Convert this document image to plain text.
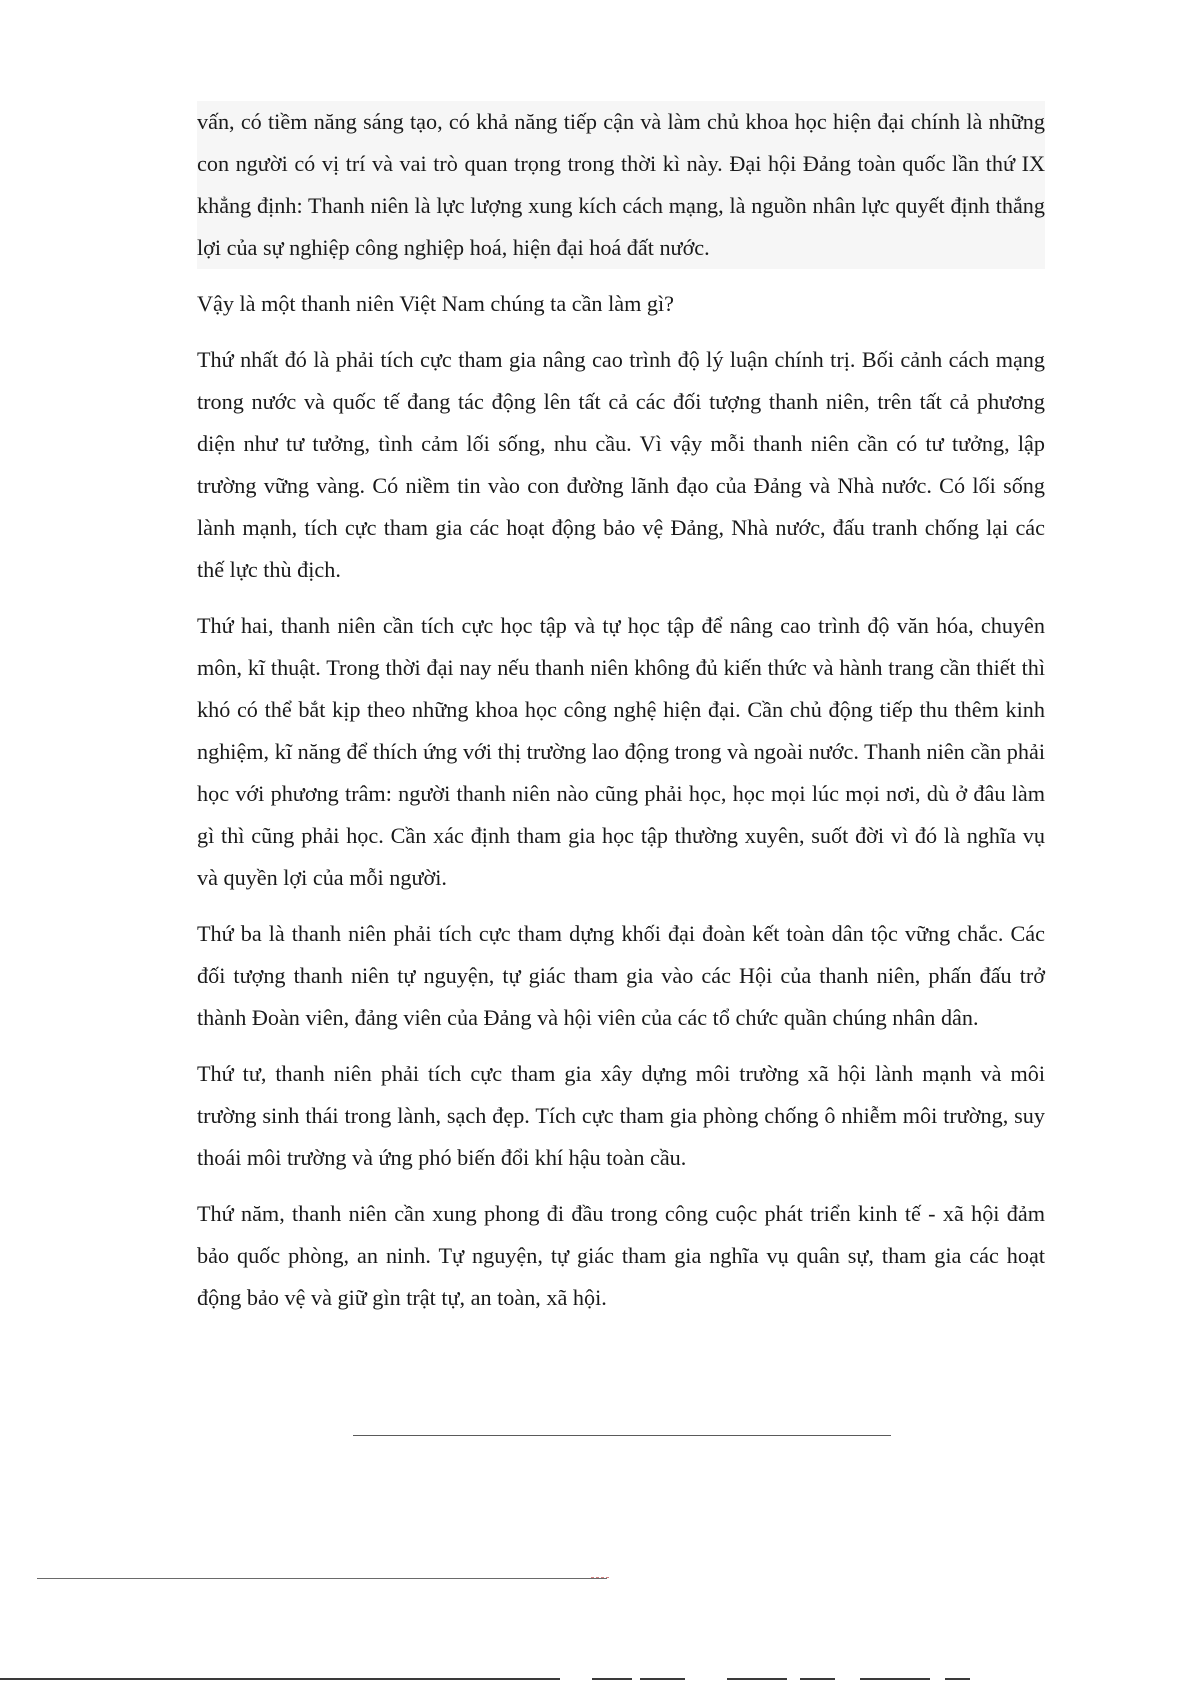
vấn, có tiềm năng sáng tạo, có khả năng tiếp cận và làm chủ khoa học hiện đại chính là những con người có vị trí và vai trò quan trọng trong thời kì này. Đại hội Đảng toàn quốc lần thứ IX khẳng định: Thanh niên là lực lượng xung kích cách mạng, là nguồn nhân lực quyết định thắng lợi của sự nghiệp công nghiệp hoá, hiện đại hoá đất nước.

Vậy là một thanh niên Việt Nam chúng ta cần làm gì?

Thứ nhất đó là phải tích cực tham gia nâng cao trình độ lý luận chính trị. Bối cảnh cách mạng trong nước và quốc tế đang tác động lên tất cả các đối tượng thanh niên, trên tất cả phương diện như tư tưởng, tình cảm lối sống, nhu cầu. Vì vậy mỗi thanh niên cần có tư tưởng, lập trường vững vàng. Có niềm tin vào con đường lãnh đạo của Đảng và Nhà nước. Có lối sống lành mạnh, tích cực tham gia các hoạt động bảo vệ Đảng, Nhà nước, đấu tranh chống lại các thế lực thù địch.

Thứ hai, thanh niên cần tích cực học tập và tự học tập để nâng cao trình độ văn hóa, chuyên môn, kĩ thuật. Trong thời đại nay nếu thanh niên không đủ kiến thức và hành trang cần thiết thì khó có thể bắt kịp theo những khoa học công nghệ hiện đại. Cần chủ động tiếp thu thêm kinh nghiệm, kĩ năng để thích ứng với thị trường lao động trong và ngoài nước. Thanh niên cần phải học với phương trâm: người thanh niên nào cũng phải học, học mọi lúc mọi nơi, dù ở đâu làm gì thì cũng phải học. Cần xác định tham gia học tập thường xuyên, suốt đời vì đó là nghĩa vụ và quyền lợi của mỗi người.

Thứ ba là thanh niên phải tích cực tham dựng khối đại đoàn kết toàn dân tộc vững chắc. Các đối tượng thanh niên tự nguyện, tự giác tham gia vào các Hội của thanh niên, phấn đấu trở thành Đoàn viên, đảng viên của Đảng và hội viên của các tổ chức quần chúng nhân dân.

Thứ tư, thanh niên phải tích cực tham gia xây dựng môi trường xã hội lành mạnh và môi trường sinh thái trong lành, sạch đẹp. Tích cực tham gia phòng chống ô nhiễm môi trường, suy thoái môi trường và ứng phó biến đổi khí hậu toàn cầu.

Thứ năm, thanh niên cần xung phong đi đầu trong công cuộc phát triển kinh tế - xã hội đảm bảo quốc phòng, an ninh. Tự nguyện, tự giác tham gia nghĩa vụ quân sự, tham gia các hoạt động bảo vệ và giữ gìn trật tự, an toàn, xã hội.
